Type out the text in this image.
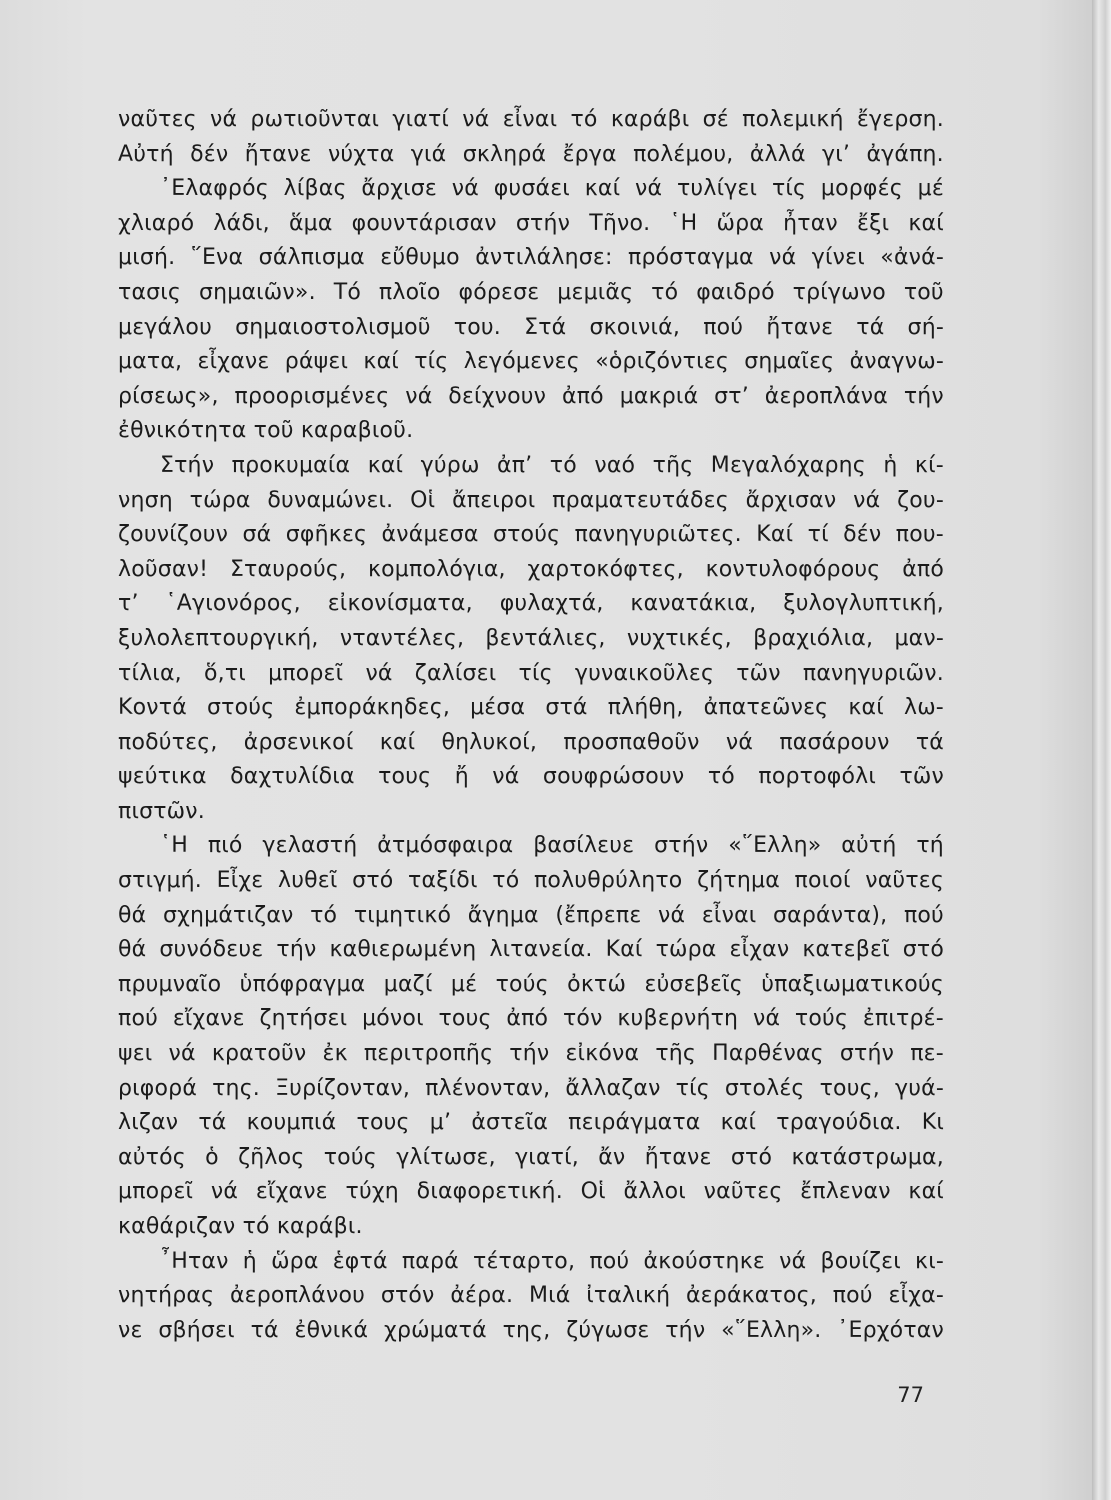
ναῦτες νά ρωτιοῦνται γιατί νά εἶναι τό καράβι σέ πολεμική ἔγερση.
Αὐτή δέν ἤτανε νύχτα γιά σκληρά ἔργα πολέμου, ἀλλά γι’ ἀγάπη.
᾿Ελαφρός λίβας ἄρχισε νά φυσάει καί νά τυλίγει τίς μορφές μέ
χλιαρό λάδι, ἅμα φουντάρισαν στήν Τῆνο. ῾Η ὥρα ἦταν ἔξι καί
μισή. ῞Ενα σάλπισμα εὔθυμο ἀντιλάλησε: πρόσταγμα νά γίνει «ἀνά-
τασις σημαιῶν». Τό πλοῖο φόρεσε μεμιᾶς τό φαιδρό τρίγωνο τοῦ
μεγάλου σημαιοστολισμοῦ του. Στά σκοινιά, πού ἤτανε τά σή-
ματα, εἶχανε ράψει καί τίς λεγόμενες «ὁριζόντιες σημαῖες ἀναγνω-
ρίσεως», προορισμένες νά δείχνουν ἀπό μακριά στ’ ἀεροπλάνα τήν
ἐθνικότητα τοῦ καραβιοῦ.
Στήν προκυμαία καί γύρω ἀπ’ τό ναό τῆς Μεγαλόχαρης ἡ κί-
νηση τώρα δυναμώνει. Οἱ ἄπειροι πραματευτάδες ἄρχισαν νά ζου-
ζουνίζουν σά σφῆκες ἀνάμεσα στούς πανηγυριῶτες. Καί τί δέν που-
λοῦσαν! Σταυρούς, κομπολόγια, χαρτοκόφτες, κοντυλοφόρους ἀπό
τ’ ῾Αγιονόρος, εἰκονίσματα, φυλαχτά, κανατάκια, ξυλογλυπτική,
ξυλολεπτουργική, νταντέλες, βεντάλιες, νυχτικές, βραχιόλια, μαν-
τίλια, ὅ,τι μπορεῖ νά ζαλίσει τίς γυναικοῦλες τῶν πανηγυριῶν.
Κοντά στούς ἐμποράκηδες, μέσα στά πλήθη, ἀπατεῶνες καί λω-
ποδύτες, ἀρσενικοί καί θηλυκοί, προσπαθοῦν νά πασάρουν τά
ψεύτικα δαχτυλίδια τους ἤ νά σουφρώσουν τό πορτοφόλι τῶν
πιστῶν.
῾Η πιό γελαστή ἀτμόσφαιρα βασίλευε στήν «῞Ελλη» αὐτή τή
στιγμή. Εἶχε λυθεῖ στό ταξίδι τό πολυθρύλητο ζήτημα ποιοί ναῦτες
θά σχημάτιζαν τό τιμητικό ἄγημα (ἔπρεπε νά εἶναι σαράντα), πού
θά συνόδευε τήν καθιερωμένη λιτανεία. Καί τώρα εἶχαν κατεβεῖ στό
πρυμναῖο ὑπόφραγμα μαζί μέ τούς ὀκτώ εὐσεβεῖς ὑπαξιωματικούς
πού εἴχανε ζητήσει μόνοι τους ἀπό τόν κυβερνήτη νά τούς ἐπιτρέ-
ψει νά κρατοῦν ἐκ περιτροπῆς τήν εἰκόνα τῆς Παρθένας στήν πε-
ριφορά της. Ξυρίζονταν, πλένονταν, ἄλλαζαν τίς στολές τους, γυά-
λιζαν τά κουμπιά τους μ’ ἀστεῖα πειράγματα καί τραγούδια. Κι
αὐτός ὁ ζῆλος τούς γλίτωσε, γιατί, ἄν ἤτανε στό κατάστρωμα,
μπορεῖ νά εἴχανε τύχη διαφορετική. Οἱ ἄλλοι ναῦτες ἔπλεναν καί
καθάριζαν τό καράβι.
῏Ηταν ἡ ὥρα ἑφτά παρά τέταρτο, πού ἀκούστηκε νά βουίζει κι-
νητήρας ἀεροπλάνου στόν ἀέρα. Μιά ἰταλική ἀεράκατος, πού εἶχα-
νε σβήσει τά ἐθνικά χρώματά της, ζύγωσε τήν «῞Ελλη». ᾿Ερχόταν
77
